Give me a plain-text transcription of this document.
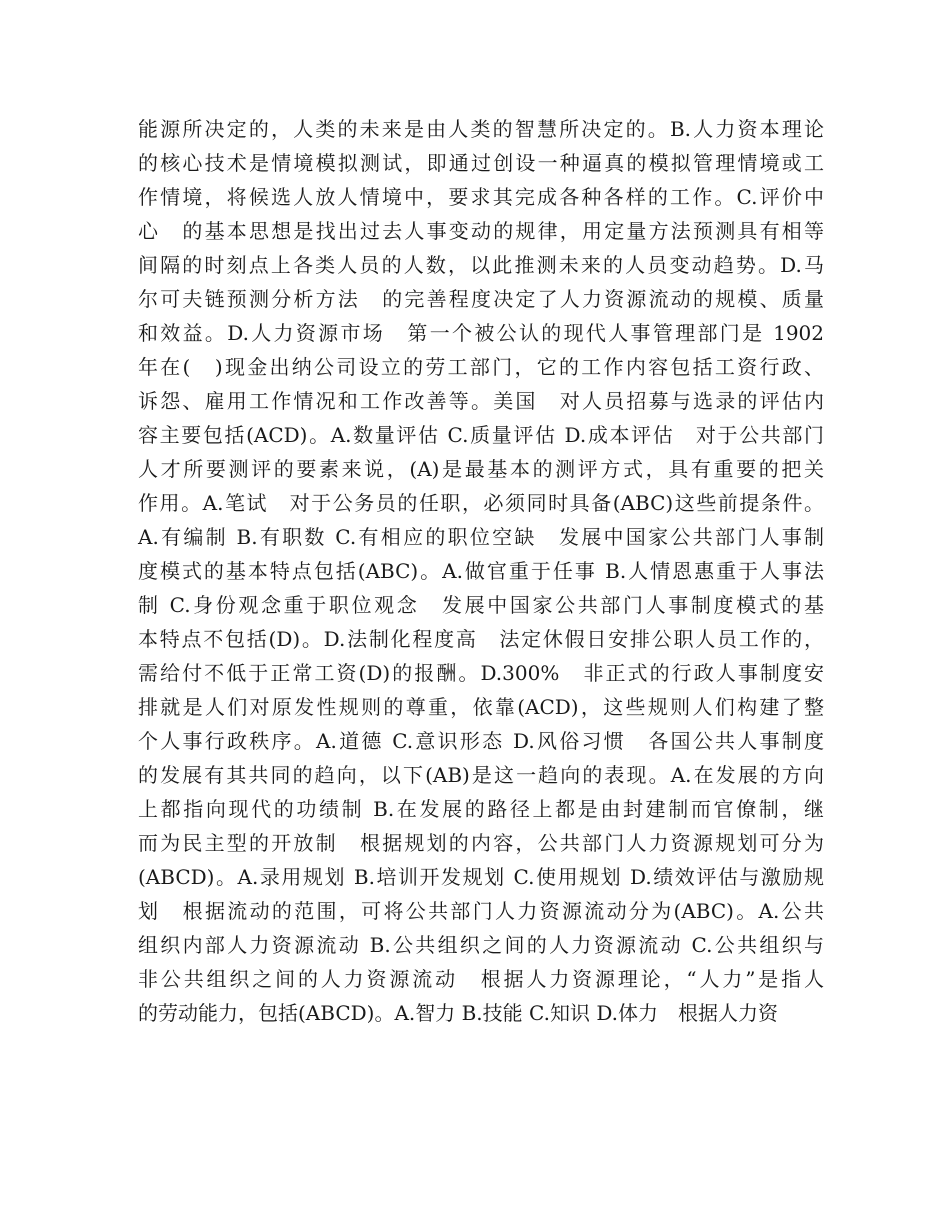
能源所决定的，人类的未来是由人类的智慧所决定的。B.人力资本理论
的核心技术是情境模拟测试，即通过创设一种逼真的模拟管理情境或工
作情境，将候选人放人情境中，要求其完成各种各样的工作。C.评价中
心　的基本思想是找出过去人事变动的规律，用定量方法预测具有相等
间隔的时刻点上各类人员的人数，以此推测未来的人员变动趋势。D.马
尔可夫链预测分析方法　的完善程度决定了人力资源流动的规模、质量
和效益。D.人力资源市场　第一个被公认的现代人事管理部门是 1902
年在(　)现金出纳公司设立的劳工部门，它的工作内容包括工资行政、
诉怨、雇用工作情况和工作改善等。美国　对人员招募与选录的评估内
容主要包括(ACD)。A.数量评估 C.质量评估 D.成本评估　对于公共部门
人才所要测评的要素来说，(A)是最基本的测评方式，具有重要的把关
作用。A.笔试　对于公务员的任职，必须同时具备(ABC)这些前提条件。
A.有编制 B.有职数 C.有相应的职位空缺　发展中国家公共部门人事制
度模式的基本特点包括(ABC)。A.做官重于任事 B.人情恩惠重于人事法
制 C.身份观念重于职位观念　发展中国家公共部门人事制度模式的基
本特点不包括(D)。D.法制化程度高　法定休假日安排公职人员工作的，
需给付不低于正常工资(D)的报酬。D.300%　非正式的行政人事制度安
排就是人们对原发性规则的尊重，依靠(ACD)，这些规则人们构建了整
个人事行政秩序。A.道德 C.意识形态 D.风俗习惯　各国公共人事制度
的发展有其共同的趋向，以下(AB)是这一趋向的表现。A.在发展的方向
上都指向现代的功绩制 B.在发展的路径上都是由封建制而官僚制，继
而为民主型的开放制　根据规划的内容，公共部门人力资源规划可分为
(ABCD)。A.录用规划 B.培训开发规划 C.使用规划 D.绩效评估与激励规
划　根据流动的范围，可将公共部门人力资源流动分为(ABC)。A.公共
组织内部人力资源流动 B.公共组织之间的人力资源流动 C.公共组织与
非公共组织之间的人力资源流动　根据人力资源理论，“人力”是指人
的劳动能力，包括(ABCD)。A.智力 B.技能 C.知识 D.体力　根据人力资
